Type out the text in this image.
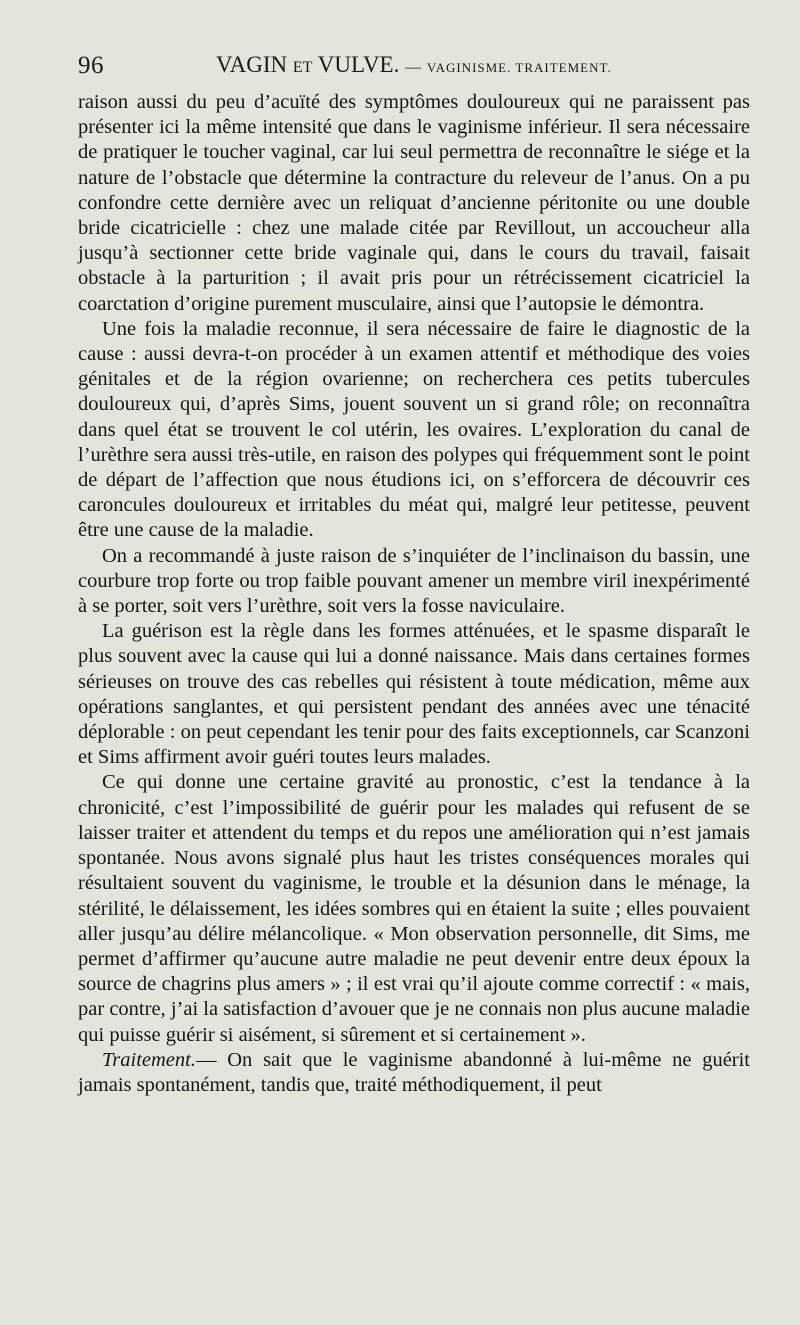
96	VAGIN ET VULVE. — VAGINISME. TRAITEMENT.

raison aussi du peu d’acuïté des symptômes douloureux qui ne paraissent pas présenter ici la même intensité que dans le vaginisme inférieur. Il sera nécessaire de pratiquer le toucher vaginal, car lui seul permettra de reconnaître le siége et la nature de l’obstacle que détermine la contracture du releveur de l’anus. On a pu confondre cette dernière avec un reliquat d’ancienne péritonite ou une double bride cicatricielle : chez une malade citée par Revillout, un accoucheur alla jusqu’à sectionner cette bride vaginale qui, dans le cours du travail, faisait obstacle à la parturition ; il avait pris pour un rétrécissement cicatriciel la coarctation d’origine purement musculaire, ainsi que l’autopsie le démontra.

Une fois la maladie reconnue, il sera nécessaire de faire le diagnostic de la cause : aussi devra-t-on procéder à un examen attentif et méthodique des voies génitales et de la région ovarienne; on recherchera ces petits tubercules douloureux qui, d’après Sims, jouent souvent un si grand rôle; on reconnaîtra dans quel état se trouvent le col utérin, les ovaires. L’exploration du canal de l’urèthre sera aussi très-utile, en raison des polypes qui fréquemment sont le point de départ de l’affection que nous étudions ici, on s’efforcera de découvrir ces caroncules douloureux et irritables du méat qui, malgré leur petitesse, peuvent être une cause de la maladie.

On a recommandé à juste raison de s’inquiéter de l’inclinaison du bassin, une courbure trop forte ou trop faible pouvant amener un membre viril inexpérimenté à se porter, soit vers l’urèthre, soit vers la fosse naviculaire.

La guérison est la règle dans les formes atténuées, et le spasme disparaît le plus souvent avec la cause qui lui a donné naissance. Mais dans certaines formes sérieuses on trouve des cas rebelles qui résistent à toute médication, même aux opérations sanglantes, et qui persistent pendant des années avec une ténacité déplorable : on peut cependant les tenir pour des faits exceptionnels, car Scanzoni et Sims affirment avoir guéri toutes leurs malades.

Ce qui donne une certaine gravité au pronostic, c’est la tendance à la chronicité, c’est l’impossibilité de guérir pour les malades qui refusent de se laisser traiter et attendent du temps et du repos une amélioration qui n’est jamais spontanée. Nous avons signalé plus haut les tristes conséquences morales qui résultaient souvent du vaginisme, le trouble et la désunion dans le ménage, la stérilité, le délaissement, les idées sombres qui en étaient la suite ; elles pouvaient aller jusqu’au délire mélancolique. « Mon observation personnelle, dit Sims, me permet d’affirmer qu’aucune autre maladie ne peut devenir entre deux époux la source de chagrins plus amers » ; il est vrai qu’il ajoute comme correctif : « mais, par contre, j’ai la satisfaction d’avouer que je ne connais non plus aucune maladie qui puisse guérir si aisément, si sûrement et si certainement ».

Traitement.— On sait que le vaginisme abandonné à lui-même ne guérit jamais spontanément, tandis que, traité méthodiquement, il peut
